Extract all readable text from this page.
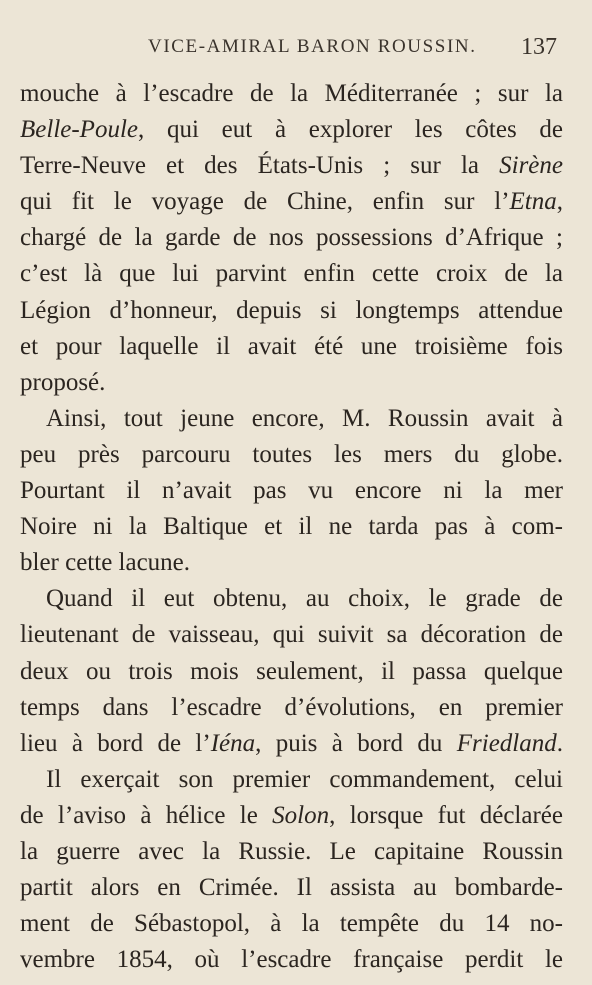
VICE-AMIRAL BARON ROUSSIN. 137
mouche à l’escadre de la Méditerranée ; sur la
Belle-Poule, qui eut à explorer les côtes de
Terre-Neuve et des États-Unis ; sur la Sirène
qui fit le voyage de Chine, enfin sur l’Etna,
chargé de la garde de nos possessions d’Afrique ;
c’est là que lui parvint enfin cette croix de la
Légion d’honneur, depuis si longtemps attendue
et pour laquelle il avait été une troisième fois
proposé.
Ainsi, tout jeune encore, M. Roussin avait à
peu près parcouru toutes les mers du globe.
Pourtant il n’avait pas vu encore ni la mer
Noire ni la Baltique et il ne tarda pas à com-
bler cette lacune.
Quand il eut obtenu, au choix, le grade de
lieutenant de vaisseau, qui suivit sa décoration de
deux ou trois mois seulement, il passa quelque
temps dans l’escadre d’évolutions, en premier
lieu à bord de l’Iéna, puis à bord du Friedland.
Il exerçait son premier commandement, celui
de l’aviso à hélice le Solon, lorsque fut déclarée
la guerre avec la Russie. Le capitaine Roussin
partit alors en Crimée. Il assista au bombarde-
ment de Sébastopol, à la tempête du 14 no-
vembre 1854, où l’escadre française perdit le
